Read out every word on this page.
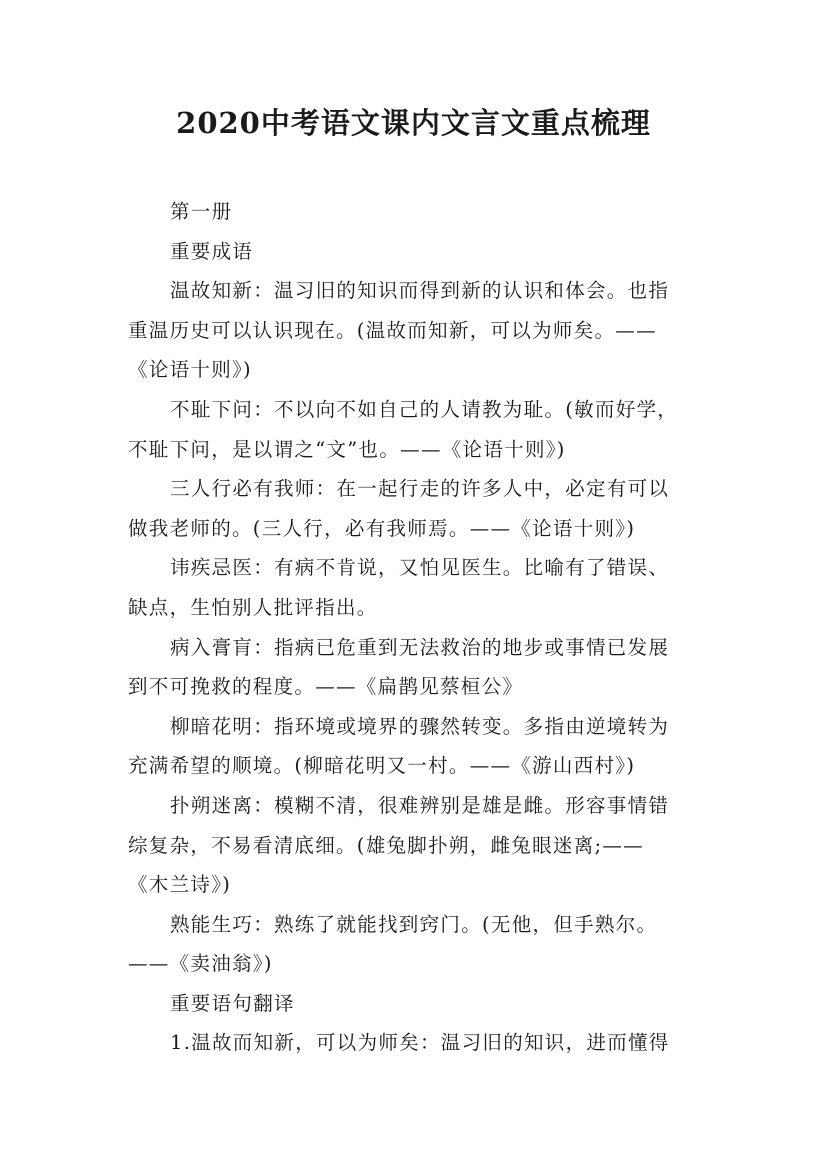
2020中考语文课内文言文重点梳理
第一册
重要成语
温故知新：温习旧的知识而得到新的认识和体会。也指
重温历史可以认识现在。(温故而知新，可以为师矣。——
《论语十则》)
不耻下问：不以向不如自己的人请教为耻。(敏而好学，
不耻下问，是以谓之“文”也。——《论语十则》)
三人行必有我师：在一起行走的许多人中，必定有可以
做我老师的。(三人行，必有我师焉。——《论语十则》)
讳疾忌医：有病不肯说，又怕见医生。比喻有了错误、
缺点，生怕别人批评指出。
病入膏肓：指病已危重到无法救治的地步或事情已发展
到不可挽救的程度。——《扁鹊见蔡桓公》
柳暗花明：指环境或境界的骤然转变。多指由逆境转为
充满希望的顺境。(柳暗花明又一村。——《游山西村》)
扑朔迷离：模糊不清，很难辨别是雄是雌。形容事情错
综复杂，不易看清底细。(雄兔脚扑朔，雌兔眼迷离;——
《木兰诗》)
熟能生巧：熟练了就能找到窍门。(无他，但手熟尔。
——《卖油翁》)
重要语句翻译
1.温故而知新，可以为师矣：温习旧的知识，进而懂得
